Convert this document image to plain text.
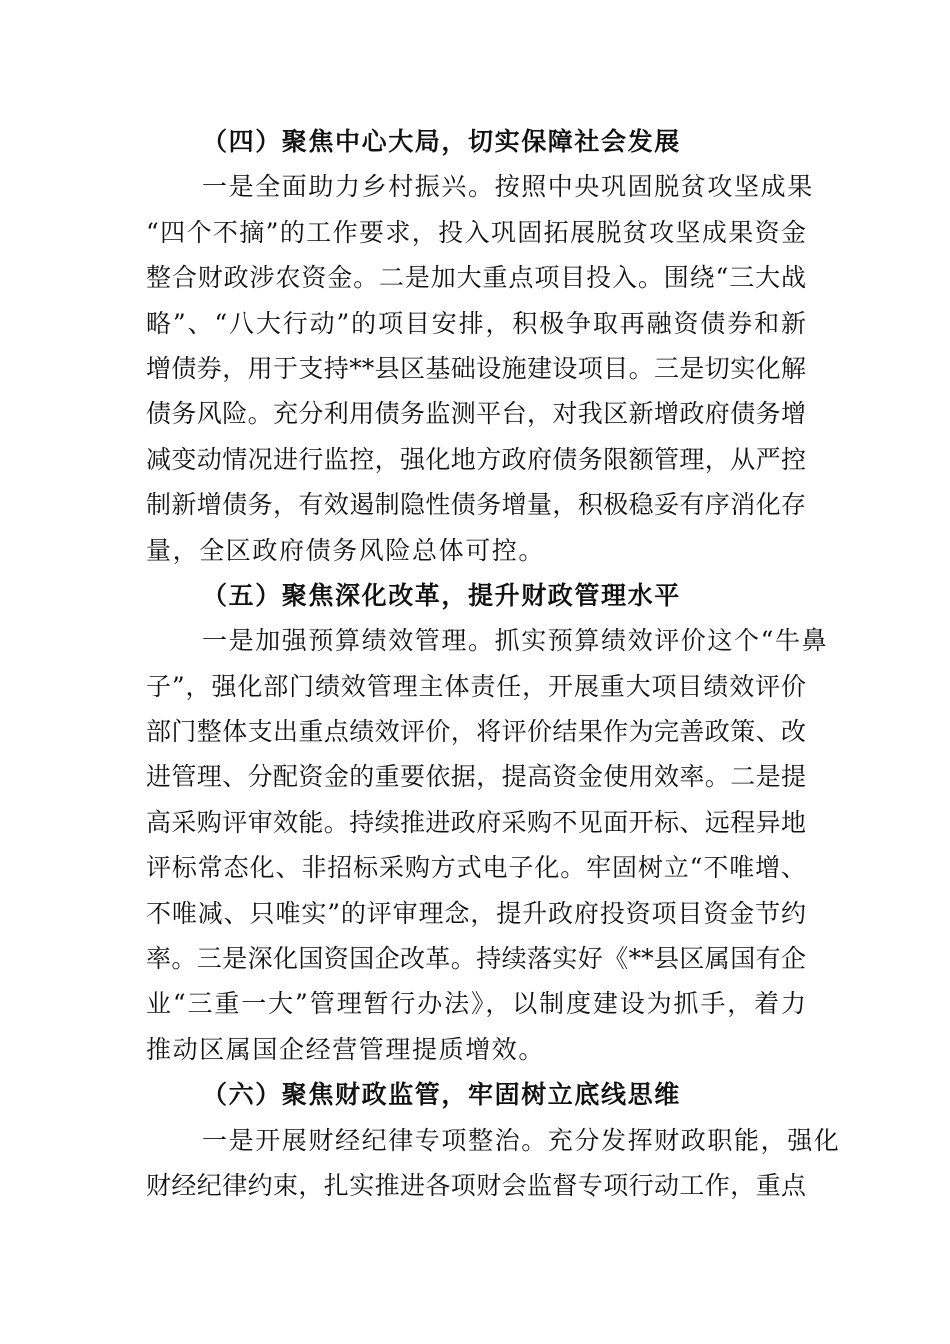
（四）聚焦中心大局，切实保障社会发展
一是全面助力乡村振兴。按照中央巩固脱贫攻坚成果
“四个不摘”的工作要求，投入巩固拓展脱贫攻坚成果资金
整合财政涉农资金。二是加大重点项目投入。围绕“三大战
略”、“八大行动”的项目安排，积极争取再融资债券和新
增债券，用于支持**县区基础设施建设项目。三是切实化解
债务风险。充分利用债务监测平台，对我区新增政府债务增
减变动情况进行监控，强化地方政府债务限额管理，从严控
制新增债务，有效遏制隐性债务增量，积极稳妥有序消化存
量，全区政府债务风险总体可控。
（五）聚焦深化改革，提升财政管理水平
一是加强预算绩效管理。抓实预算绩效评价这个“牛鼻
子”，强化部门绩效管理主体责任，开展重大项目绩效评价
部门整体支出重点绩效评价，将评价结果作为完善政策、改
进管理、分配资金的重要依据，提高资金使用效率。二是提
高采购评审效能。持续推进政府采购不见面开标、远程异地
评标常态化、非招标采购方式电子化。牢固树立“不唯增、
不唯减、只唯实”的评审理念，提升政府投资项目资金节约
率。三是深化国资国企改革。持续落实好《**县区属国有企
业“三重一大”管理暂行办法》，以制度建设为抓手，着力
推动区属国企经营管理提质增效。
（六）聚焦财政监管，牢固树立底线思维
一是开展财经纪律专项整治。充分发挥财政职能，强化
财经纪律约束，扎实推进各项财会监督专项行动工作，重点
